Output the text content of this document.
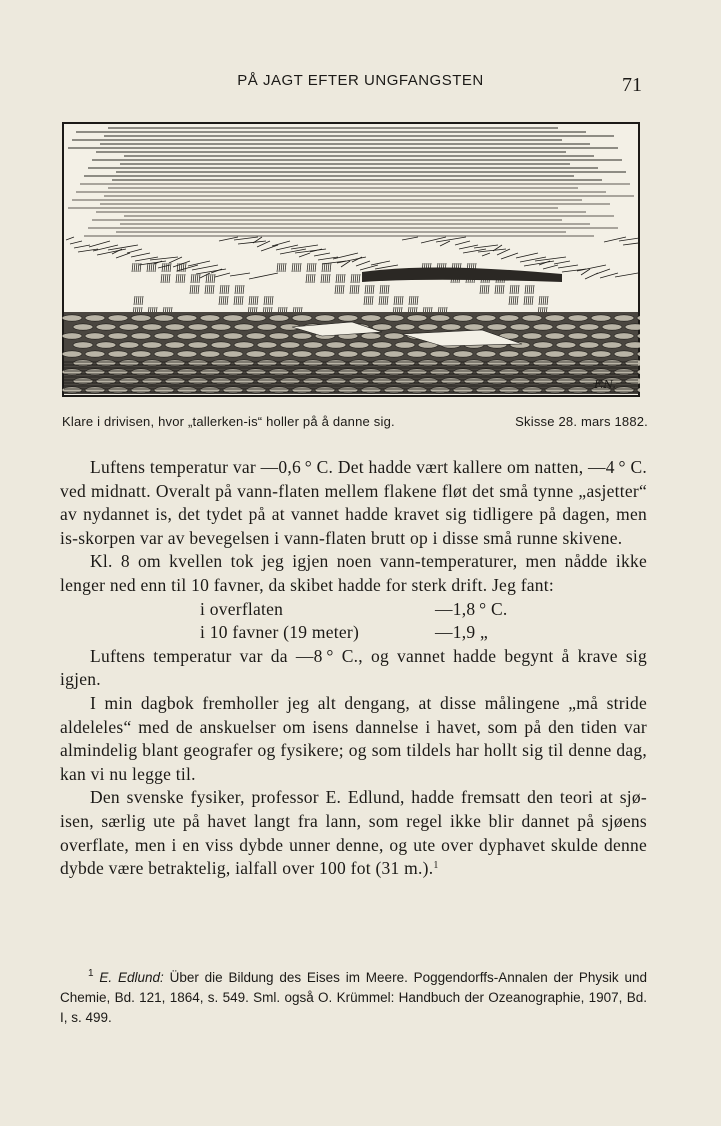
PÅ JAGT EFTER UNGFANGSTEN	71
F.N.
Klare i drivisen, hvor „tallerken-is“ holler på å danne sig.	Skisse 28. mars 1882.

Luftens temperatur var —0,6 ° C. Det hadde vært kallere om natten, —4 ° C. ved midnatt. Overalt på vann-flaten mellem flakene fløt det små tynne „asjetter“ av nydannet is, det tydet på at vannet hadde kravet sig tidligere på dagen, men is-skorpen var av bevegelsen i vann-flaten brutt op i disse små runne skivene.

Kl. 8 om kvellen tok jeg igjen noen vann-temperaturer, men nådde ikke lenger ned enn til 10 favner, da skibet hadde for sterk drift. Jeg fant:

i overflaten	—1,8 ° C.
i 10 favner (19 meter)	—1,9 „

Luftens temperatur var da —8 ° C., og vannet hadde begynt å krave sig igjen.

I min dagbok fremholler jeg alt dengang, at disse målingene „må stride aldeleles“ med de anskuelser om isens dannelse i havet, som på den tiden var almindelig blant geografer og fysikere; og som tildels har hollt sig til denne dag, kan vi nu legge til.

Den svenske fysiker, professor E. Edlund, hadde fremsatt den teori at sjø-isen, særlig ute på havet langt fra lann, som regel ikke blir dannet på sjøens overflate, men i en viss dybde unner denne, og ute over dyphavet skulde denne dybde være betraktelig, ialfall over 100 fot (31 m.).$^1$

$^1$ E. Edlund: Über die Bildung des Eises im Meere. Poggendorffs-Annalen der Physik und Chemie, Bd. 121, 1864, s. 549. Sml. også O. Krümmel: Handbuch der Ozeanographie, 1907, Bd. I, s. 499.
